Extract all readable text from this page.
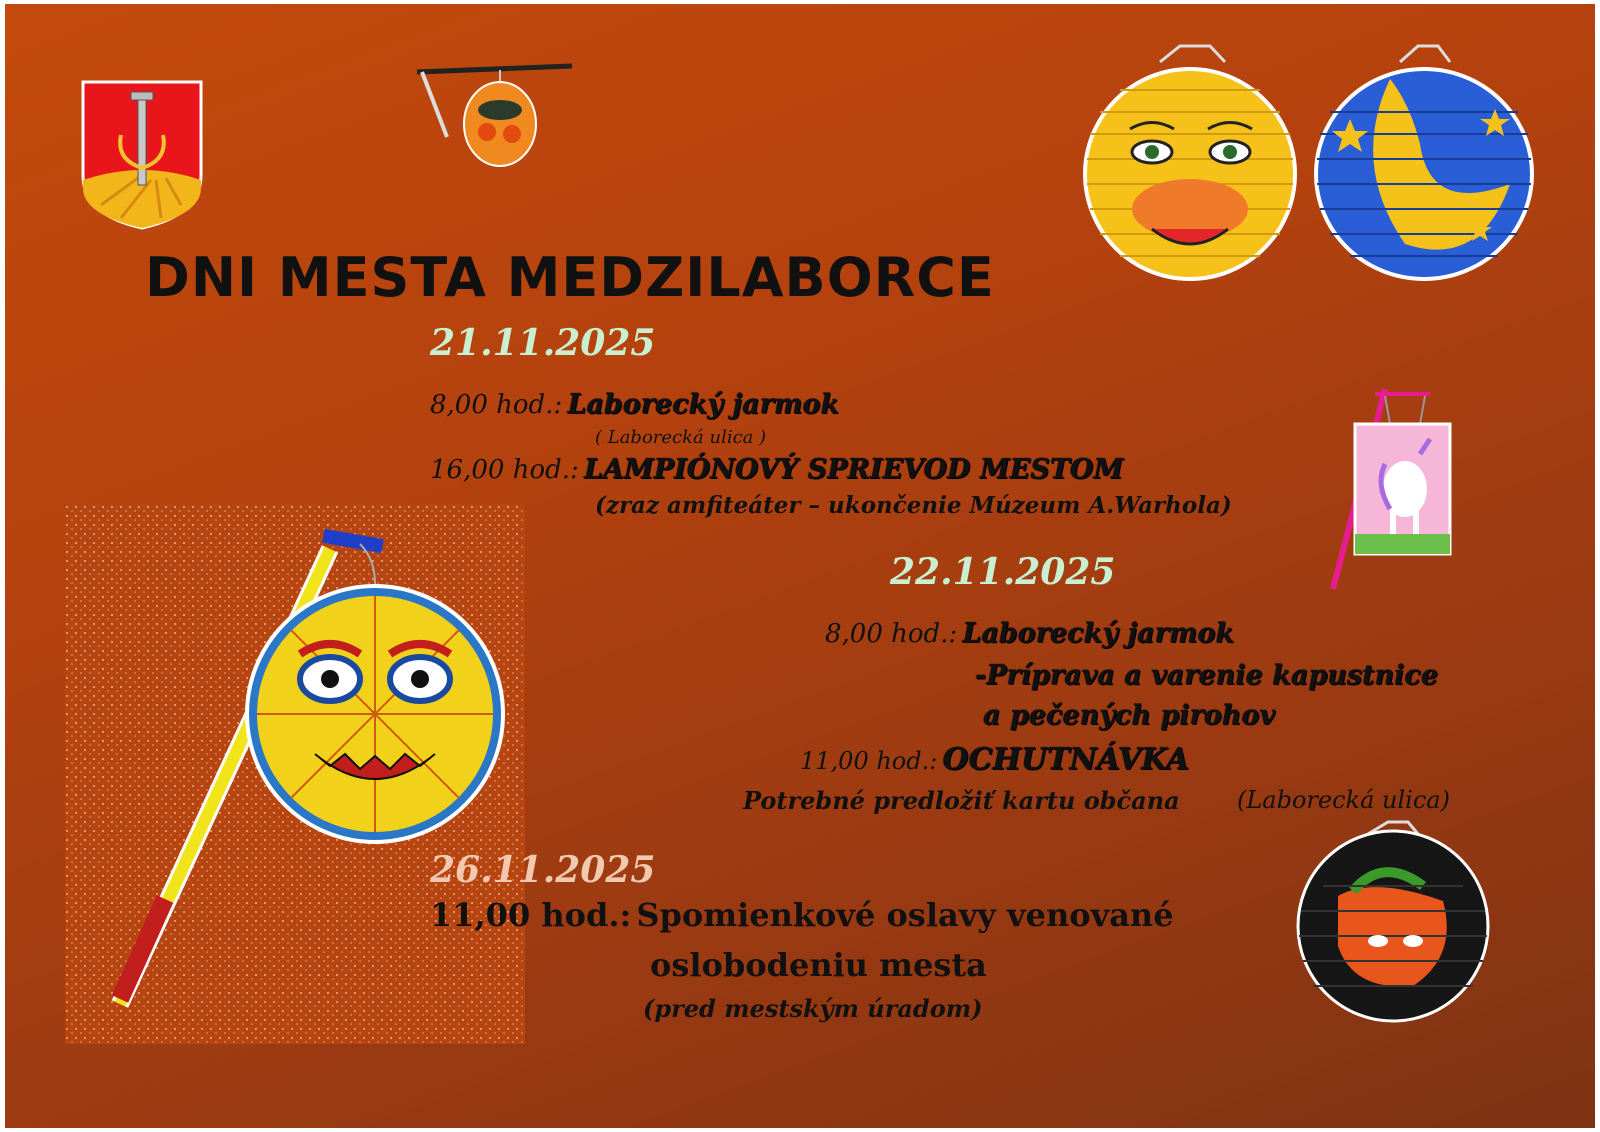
DNI MESTA MEDZILABORCE
21.11.2025
8,00 hod.: Laborecký jarmok
( Laborecká ulica )
16,00 hod.: LAMPIÓNOVÝ SPRIEVOD MESTOM
(zraz amfiteáter – ukončenie Múzeum A.Warhola)
22.11.2025
8,00 hod.: Laborecký jarmok
-Príprava a varenie kapustnice
a pečených pirohov
11,00 hod.: OCHUTNÁVKA
Potrebné predložiť kartu občana (Laborecká ulica)
26.11.2025
11,00 hod.: Spomienkové oslavy venované
oslobodeniu mesta
(pred mestským úradom)
